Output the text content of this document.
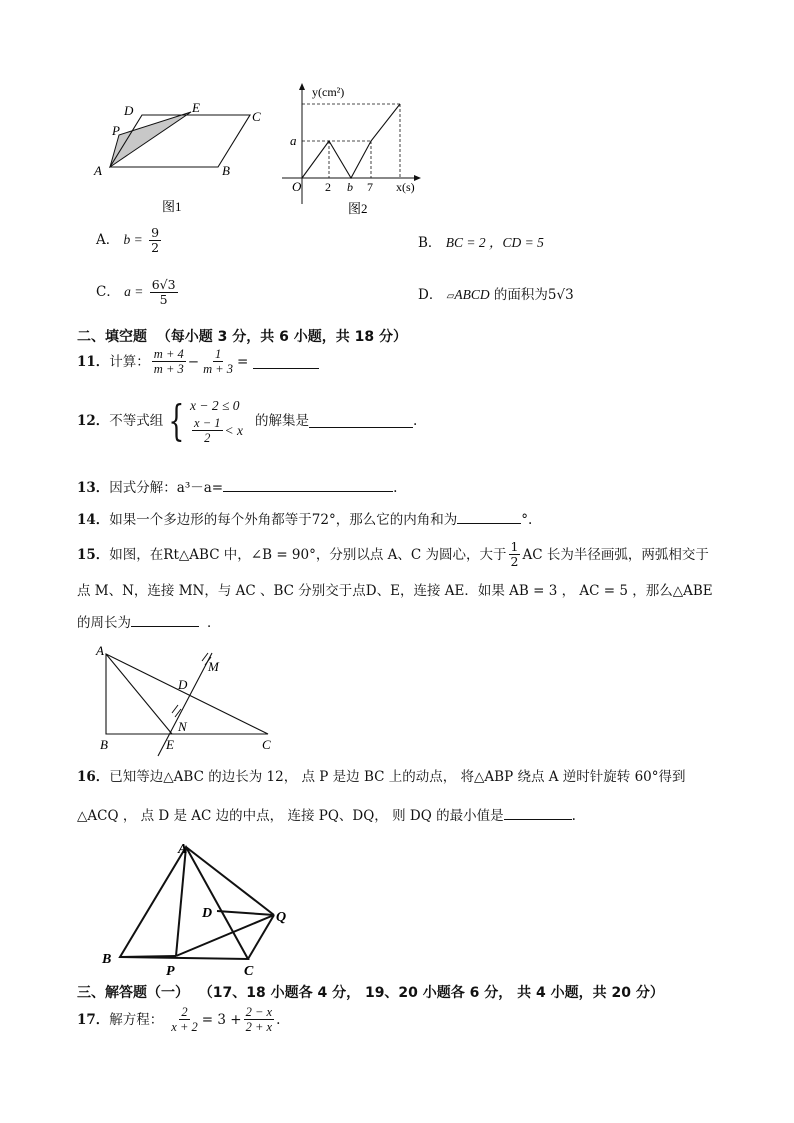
D	E
C
P
A	B
图1
y(cm²)
x(s)
a
O 2 b 7
图2
A． $b = \frac{9}{2}$	B． BC = 2 ，CD = 5
C． $a = \frac{6√3}{5}$	D． ▱ABCD 的面积为5√3
二、填空题 （每小题 3 分，共 6 小题，共 18 分）
11． 计算： $\frac{m + 4}{m + 3} - \frac{1}{m + 3}$ =
12． 不等式组 { x − 2 ≤ 0
$\frac{x - 1}{2} < x$
的解集是	.
13．因式分解：a³－a=	.
14．如果一个多边形的每个外角都等于72°，那么它的内角和为	°.
15． 如图，在Rt△ABC 中，∠B = 90°，分别以点 A、C 为圆心，大于 $\frac{1}{2}$ AC 长为半径画弧，两弧相交于
点 M、N，连接 MN，与 AC 、BC 分别交于点D、E，连接 AE．如果 AB = 3 ， AC = 5 ，那么△ABE
的周长为	．
A
M
D
N
B	E	C
16．已知等边△ABC 的边长为 12， 点 P 是边 BC 上的动点， 将△ABP 绕点 A 逆时针旋转 60°得到
△ACQ ， 点 D 是 AC 边的中点， 连接 PQ、DQ， 则 DQ 的最小值是	.
A
D	Q
B
P	C
三、解答题（一） （17、18 小题各 4 分， 19、20 小题各 6 分， 共 4 小题，共 20 分）
17． 解方程： $\frac{2}{x + 2} = 3 + \frac{2 - x}{2 + x}$ .
